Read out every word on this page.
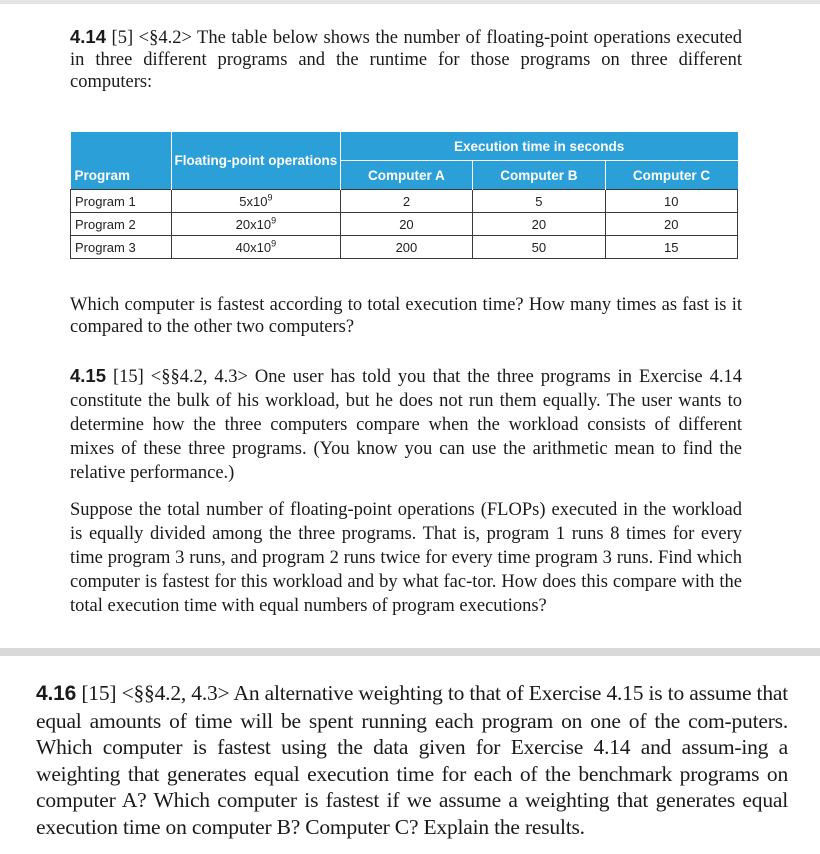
4.14 [5] <§4.2> The table below shows the number of floating-point operations executed in three different programs and the runtime for those programs on three different computers:

Program	Floating-point operations	Execution time in seconds		
		Computer A	Computer B	Computer C
Program 1	$5x10^9$	2	5	10
Program 2	$20x10^9$	20	20	20
Program 3	$40x10^9$	200	50	15

Which computer is fastest according to total execution time? How many times as fast is it compared to the other two computers?

4.15 [15] <§§4.2, 4.3> One user has told you that the three programs in Exercise 4.14 constitute the bulk of his workload, but he does not run them equally. The user wants to determine how the three computers compare when the workload consists of different mixes of these three programs. (You know you can use the arithmetic mean to find the relative performance.)

Suppose the total number of floating-point operations (FLOPs) executed in the workload is equally divided among the three programs. That is, program 1 runs 8 times for every time program 3 runs, and program 2 runs twice for every time program 3 runs. Find which computer is fastest for this workload and by what fac-tor. How does this compare with the total execution time with equal numbers of program executions?

4.16 [15] <§§4.2, 4.3> An alternative weighting to that of Exercise 4.15 is to assume that equal amounts of time will be spent running each program on one of the com-puters. Which computer is fastest using the data given for Exercise 4.14 and assum-ing a weighting that generates equal execution time for each of the benchmark programs on computer A? Which computer is fastest if we assume a weighting that generates equal execution time on computer B? Computer C? Explain the results.
